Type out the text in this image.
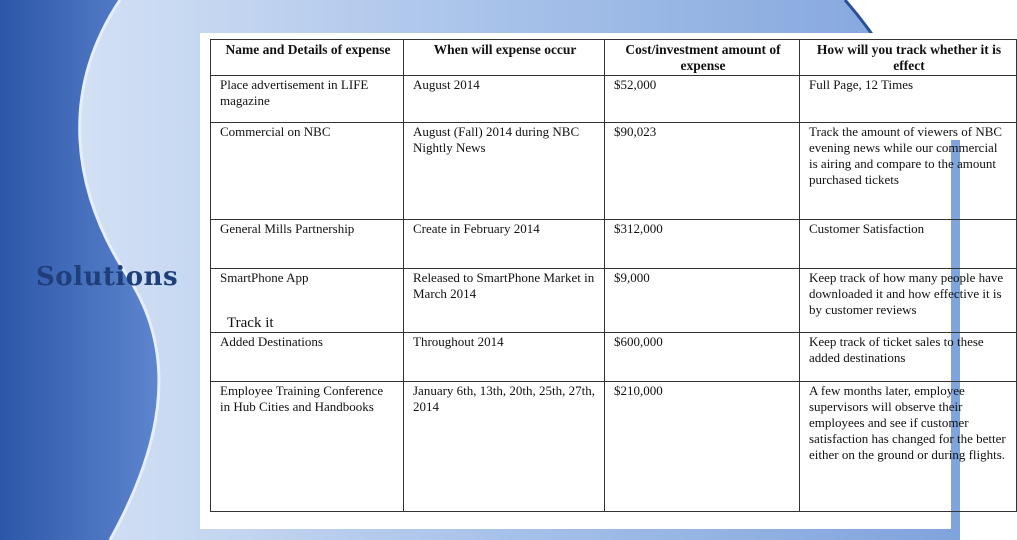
Solutions
Name and Details of expense	When will expense occur	Cost/investment amount of expense	How will you track whether it is effect
Place advertisement in LIFE magazine	August 2014	$52,000	Full Page, 12 Times
Commercial on NBC	August (Fall) 2014 during NBC Nightly News	$90,023	Track the amount of viewers of NBC evening news while our commercial is airing and compare to the amount purchased tickets
General Mills Partnership	Create in February 2014	$312,000	Customer Satisfaction
SmartPhone App	Released to SmartPhone Market in March 2014	$9,000	Keep track of how many people have downloaded it and how effective it is by customer reviews
Added Destinations	Throughout 2014	$600,000	Keep track of ticket sales to these added destinations
Employee Training Conference in Hub Cities and Handbooks	January 6th, 13th, 20th, 25th, 27th, 2014	$210,000	A few months later, employee supervisors will observe their employees and see if customer satisfaction has changed for the better either on the ground or during flights.
Track it
